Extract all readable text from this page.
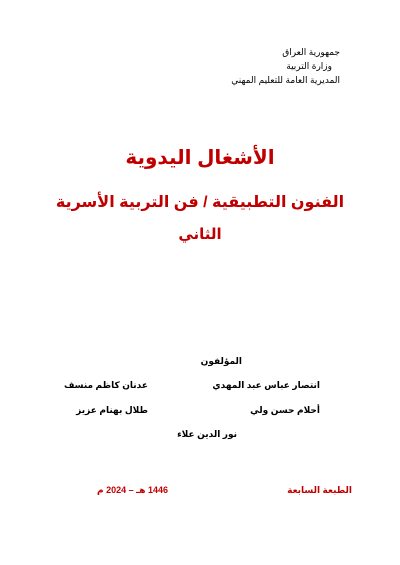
جمهورية العراق
وزارة التربية
المديرية العامة للتعليم المهني
الأشغال اليدوية
الفنون التطبيقية / فن التربية الأسرية
الثاني
المؤلفون
انتصار عباس عبد المهدي
عدنان كاظم منسف
أحلام حسن ولي
طلال بهنام عزيز
نور الدين علاء
الطبعة السابعة
1446 هـ – 2024 م
